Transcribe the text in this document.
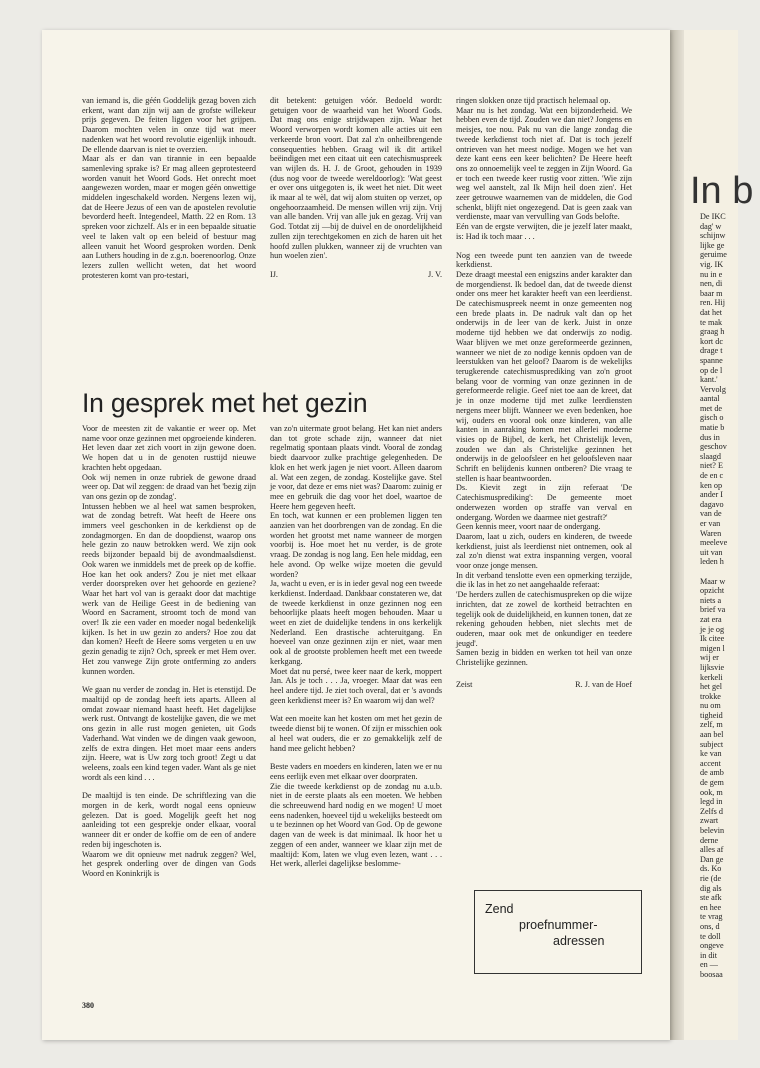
In b
De IKC
dag' w
schijnw
lijke ge
geruime
vig. IK
nu in e
nen, di
baar m
ren. Hij
dat het
te mak
graag h
kort dc
drage t
spanne
op de l
kant.'
Vervolg
aantal
met de
gisch o
matie b
dus in
geschov
slaagd
niet? E
de en c
ken op
ander I
dagavo
van de
er van
Waren
meeleve
uit van
leden h
Maar w
opzicht
niets a
brief va
zat era
je je og
Ik citee
migen l
wij er
lijksvie
kerkeli
het gel
trokke
nu om
tigheid
zelf, m
aan bel
subject
ke van
accent
de amb
de gem
ook, m
legd in
Zelfs d
zwart
belevin
derne
alles af
Dan ge
ds. Ko
rie (de
dig als
ste afk
en hee
te vrag
ons, d
te doll
ongeve
in dit
en —
boosaa

van iemand is, die géén Goddelijk gezag boven zich erkent, want dan zijn wij aan de grofste willekeur prijs gegeven. De feiten liggen voor het grijpen. Daarom mochten velen in onze tijd wat meer nadenken wat het woord revolutie eigenlijk inhoudt. De ellende daarvan is niet te overzien.

Maar als er dan van tirannie in een bepaalde samenleving sprake is? Er mag alleen geprotesteerd worden vanuit het Woord Gods. Het onrecht moet aangewezen worden, maar er mogen géén onwettige middelen ingeschakeld worden. Nergens lezen wij, dat de Heere Jezus of een van de apostelen revolutie bevorderd heeft. Integendeel, Matth. 22 en Rom. 13 spreken voor zichzelf. Als er in een bepaalde situatie veel te laken valt op een beleid of bestuur mag alleen vanuit het Woord gesproken worden. Denk aan Luthers houding in de z.g.n. boerenoorlog. Onze lezers zullen wellicht weten, dat het woord protesteren komt van pro-testari,

dit betekent: getuigen vóór. Bedoeld wordt: getuigen voor de waarheid van het Woord Gods. Dat mag ons enige strijdwapen zijn. Waar het Woord verworpen wordt komen alle acties uit een verkeerde bron voort. Dat zal z'n onheilbrengende consequenties hebben. Graag wil ik dit artikel beëindigen met een citaat uit een catechismuspreek van wijlen ds. H. J. de Groot, gehouden in 1939 (dus nog voor de tweede wereldoorlog): 'Wat geest er over ons uitgegoten is, ik weet het niet. Dit weet ik maar al te wèl, dat wij alom stuiten op verzet, op ongehoorzaamheid. De mensen willen vrij zijn. Vrij van alle banden. Vrij van alle juk en gezag. Vrij van God. Totdat zij —bij de duivel en de onordelijkheid zullen zijn terechtgekomen en zich de haren uit het hoofd zullen plukken, wanneer zij de vruchten van hun woelen zien'.

IJ.	J. V.
In gesprek met het gezin

Voor de meesten zit de vakantie er weer op. Met name voor onze gezinnen met opgroeiende kinderen. Het leven daar zet zich voort in zijn gewone doen. We hopen dat u in de genoten rusttijd nieuwe krachten hebt opgedaan.

Ook wij nemen in onze rubriek de gewone draad weer op. Dat wil zeggen: de draad van het 'bezig zijn van ons gezin op de zondag'.

Intussen hebben we al heel wat samen besproken, wat de zondag betreft. Wat heeft de Heere ons immers veel geschonken in de kerkdienst op de zondagmorgen. En dan de doopdienst, waarop ons hele gezin zo nauw betrokken werd. We zijn ook reeds bijzonder bepaald bij de avondmaalsdienst. Ook waren we inmiddels met de preek op de koffie. Hoe kan het ook anders? Zou je niet met elkaar verder doorspreken over het gehoorde en geziene? Waar het hart vol van is geraakt door dat machtige werk van de Heilige Geest in de bediening van Woord en Sacrament, stroomt toch de mond van over! Ik zie een vader en moeder nogal bedenkelijk kijken. Is het in uw gezin zo anders? Hoe zou dat dan komen? Heeft de Heere soms vergeten u en uw gezin genadig te zijn? Och, spreek er met Hem over. Het zou vanwege Zijn grote ontferming zo anders kunnen worden.

We gaan nu verder de zondag in. Het is etenstijd. De maaltijd op de zondag heeft iets aparts. Alleen al omdat zowaar niemand haast heeft. Het dagelijkse werk rust. Ontvangt de kostelijke gaven, die we met ons gezin in alle rust mogen genieten, uit Gods Vaderhand. Wat vinden we de dingen vaak gewoon, zelfs de extra dingen. Het moet maar eens anders zijn. Heere, wat is Uw zorg toch groot! Zegt u dat weleens, zoals een kind tegen vader. Want als ge niet wordt als een kind . . .

De maaltijd is ten einde. De schriftlezing van die morgen in de kerk, wordt nogal eens opnieuw gelezen. Dat is goed. Mogelijk geeft het nog aanleiding tot een gesprekje onder elkaar, vooral wanneer dit er onder de koffie om de een of andere reden bij ingeschoten is.

Waarom we dit opnieuw met nadruk zeggen? Wel, het gesprek onderling over de dingen van Gods Woord en Koninkrijk is

van zo'n uitermate groot belang. Het kan niet anders dan tot grote schade zijn, wanneer dat niet regelmatig spontaan plaats vindt. Vooral de zondag biedt daarvoor zulke prachtige gelegenheden. De klok en het werk jagen je niet voort. Alleen daarom al. Wat een zegen, de zondag. Kostelijke gave. Stel je voor, dat deze er ems niet was? Daarom: zuinig er mee en gebruik die dag voor het doel, waartoe de Heere hem gegeven heeft.

En toch, wat kunnen er een problemen liggen ten aanzien van het doorbrengen van de zondag. En die worden het grootst met name wanneer de morgen voorbij is. Hoe moet het nu verder, is de grote vraag. De zondag is nog lang. Een hele middag, een hele avond. Op welke wijze moeten die gevuld worden?

Ja, wacht u even, er is in ieder geval nog een tweede kerkdienst. Inderdaad. Dankbaar constateren we, dat de tweede kerkdienst in onze gezinnen nog een behoorlijke plaats heeft mogen behouden. Maar u weet en ziet de duidelijke tendens in ons kerkelijk Nederland. Een drastische achteruitgang. En hoeveel van onze gezinnen zijn er niet, waar men ook al de grootste problemen heeft met een tweede kerkgang.

Moet dat nu persé, twee keer naar de kerk, moppert Jan. Als je toch . . . Ja, vroeger. Maar dat was een heel andere tijd. Je ziet toch overal, dat er 's avonds geen kerkdienst meer is? En waarom wij dan wel?

Wat een moeite kan het kosten om met het gezin de tweede dienst bij te wonen. Of zijn er misschien ook al heel wat ouders, die er zo gemakkelijk zelf de hand mee gelicht hebben?

Beste vaders en moeders en kinderen, laten we er nu eens eerlijk even met elkaar over doorpraten.

Zie die tweede kerkdienst op de zondag nu a.u.b. niet in de eerste plaats als een moeten. We hebben die schreeuwend hard nodig en we mogen! U moet eens nadenken, hoeveel tijd u wekelijks besteedt om u te bezinnen op het Woord van God. Op de gewone dagen van de week is dat minimaal. Ik hoor het u zeggen of een ander, wanneer we klaar zijn met de maaltijd: Kom, laten we vlug even lezen, want . . . Het werk, allerlei dagelijkse beslomme-

ringen slokken onze tijd practisch helemaal op.

Maar nu is het zondag. Wat een bijzonderheid. We hebben even de tijd. Zouden we dan niet? Jongens en meisjes, toe nou. Pak nu van die lange zondag die tweede kerkdienst toch niet af. Dat is toch jezelf ontrieven van het meest nodige. Mogen we het van deze kant eens een keer belichten? De Heere heeft ons zo onnoemelijk veel te zeggen in Zijn Woord. Ga er toch een tweede keer rustig voor zitten. 'Wie zijn weg wel aanstelt, zal Ik Mijn heil doen zien'. Het zeer getrouwe waarnemen van de middelen, die God schenkt, blijft niet ongezegend. Dat is geen zaak van verdienste, maar van vervulling van Gods belofte.

Eén van de ergste verwijten, die je jezelf later maakt, is: Had ik toch maar . . .

Nog een tweede punt ten aanzien van de tweede kerkdienst.

Deze draagt meestal een enigszins ander karakter dan de morgendienst. Ik bedoel dan, dat de tweede dienst onder ons meer het karakter heeft van een leerdienst. De catechismuspreek neemt in onze gemeenten nog een brede plaats in. De nadruk valt dan op het onderwijs in de leer van de kerk. Juist in onze moderne tijd hebben we dat onderwijs zo nodig. Waar blijven we met onze gereformeerde gezinnen, wanneer we niet de zo nodige kennis opdoen van de leerstukken van het geloof? Daarom is de wekelijks terugkerende catechismusprediking van zo'n groot belang voor de vorming van onze gezinnen in de gereformeerde religie. Geef niet toe aan de kreet, dat je in onze moderne tijd met zulke leerdiensten nergens meer blijft. Wanneer we even bedenken, hoe wij, ouders en vooral ook onze kinderen, van alle kanten in aanraking komen met allerlei moderne visies op de Bijbel, de kerk, het Christelijk leven, zouden we dan als Christelijke gezinnen het onderwijs in de geloofsleer en het geloofsleven naar Schrift en belijdenis kunnen ontberen? Die vraag te stellen is haar beantwoorden.

Ds. Kievit zegt in zijn referaat 'De Catechismusprediking': De gemeente moet onderwezen worden op straffe van verval en ondergang. Worden we daarmee niet gestraft?'

Geen kennis meer, voort naar de ondergang.

Daarom, laat u zich, ouders en kinderen, de tweede kerkdienst, juist als leerdienst niet ontnemen, ook al zal zo'n dienst wat extra inspanning vergen, vooral voor onze jonge mensen.

In dit verband tenslotte even een opmerking terzijde, die ik las in het zo net aangehaalde referaat:

'De herders zullen de catechismuspreken op die wijze inrichten, dat ze zowel de kortheid betrachten en tegelijk ook de duidelijkheid, en kunnen tonen, dat ze rekening gehouden hebben, niet slechts met de ouderen, maar ook met de onkundiger en teedere jeugd'.

Samen bezig in bidden en werken tot heil van onze Christelijke gezinnen.

Zeist	R. J. van de Hoef
Zend
proefnummer-
adressen
380
